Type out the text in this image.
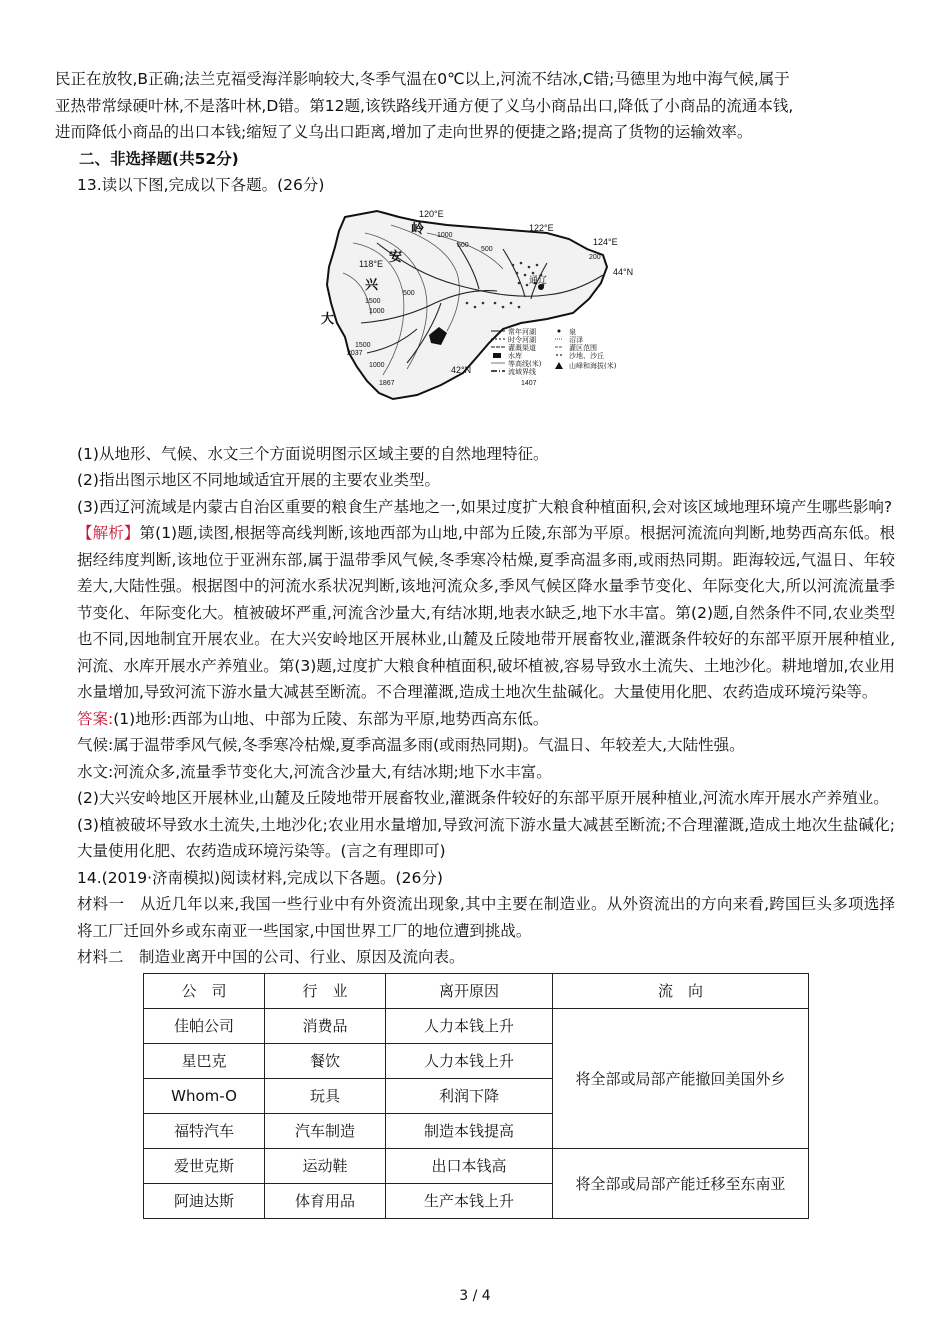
民正在放牧,B正确;法兰克福受海洋影响较大,冬季气温在0℃以上,河流不结冰,C错;马德里为地中海气候,属于

亚热带常绿硬叶林,不是落叶林,D错。第12题,该铁路线开通方便了义乌小商品出口,降低了小商品的流通本钱,

进而降低小商品的出口本钱;缩短了义乌出口距离,增加了走向世界的便捷之路;提高了货物的运输效率。

二、非选择题(共52分)

13.读以下图,完成以下各题。(26分)

通辽
120°E
122°E
124°E
118°E
44°N
42°N
岭
安
兴
大
1000
500
500
1500
1000
200
500
1500
2037
1000
1867	1407
常年河湖
时令河湖
灌溉渠道
水库
等高线(米)
流域界线
泉
沼泽
灌区范围
沙地、沙丘
山峰和海拔(米)

(1)从地形、气候、水文三个方面说明图示区域主要的自然地理特征。

(2)指出图示地区不同地域适宜开展的主要农业类型。

(3)西辽河流域是内蒙古自治区重要的粮食生产基地之一,如果过度扩大粮食种植面积,会对该区域地理环境产生哪些影响?

【解析】第(1)题,读图,根据等高线判断,该地西部为山地,中部为丘陵,东部为平原。根据河流流向判断,地势西高东低。根据经纬度判断,该地位于亚洲东部,属于温带季风气候,冬季寒冷枯燥,夏季高温多雨,或雨热同期。距海较远,气温日、年较差大,大陆性强。根据图中的河流水系状况判断,该地河流众多,季风气候区降水量季节变化、年际变化大,所以河流流量季节变化、年际变化大。植被破坏严重,河流含沙量大,有结冰期,地表水缺乏,地下水丰富。第(2)题,自然条件不同,农业类型也不同,因地制宜开展农业。在大兴安岭地区开展林业,山麓及丘陵地带开展畜牧业,灌溉条件较好的东部平原开展种植业,河流、水库开展水产养殖业。第(3)题,过度扩大粮食种植面积,破坏植被,容易导致水土流失、土地沙化。耕地增加,农业用水量增加,导致河流下游水量大减甚至断流。不合理灌溉,造成土地次生盐碱化。大量使用化肥、农药造成环境污染等。

答案:(1)地形:西部为山地、中部为丘陵、东部为平原,地势西高东低。

气候:属于温带季风气候,冬季寒冷枯燥,夏季高温多雨(或雨热同期)。气温日、年较差大,大陆性强。

水文:河流众多,流量季节变化大,河流含沙量大,有结冰期;地下水丰富。

(2)大兴安岭地区开展林业,山麓及丘陵地带开展畜牧业,灌溉条件较好的东部平原开展种植业,河流水库开展水产养殖业。

(3)植被破坏导致水土流失,土地沙化;农业用水量增加,导致河流下游水量大减甚至断流;不合理灌溉,造成土地次生盐碱化;大量使用化肥、农药造成环境污染等。(言之有理即可)

14.(2019·济南模拟)阅读材料,完成以下各题。(26分)

材料一　从近几年以来,我国一些行业中有外资流出现象,其中主要在制造业。从外资流出的方向来看,跨国巨头多项选择将工厂迁回外乡或东南亚一些国家,中国世界工厂的地位遭到挑战。

材料二　制造业离开中国的公司、行业、原因及流向表。

公　司	行　业	离开原因	流　向
佳帕公司	消费品	人力本钱上升	将全部或局部产能撤回美国外乡
星巴克	餐饮	人力本钱上升	
Whom-O	玩具	利润下降	
福特汽车	汽车制造	制造本钱提高	
爱世克斯	运动鞋	出口本钱高	将全部或局部产能迁移至东南亚
阿迪达斯	体育用品	生产本钱上升	
3 / 4
